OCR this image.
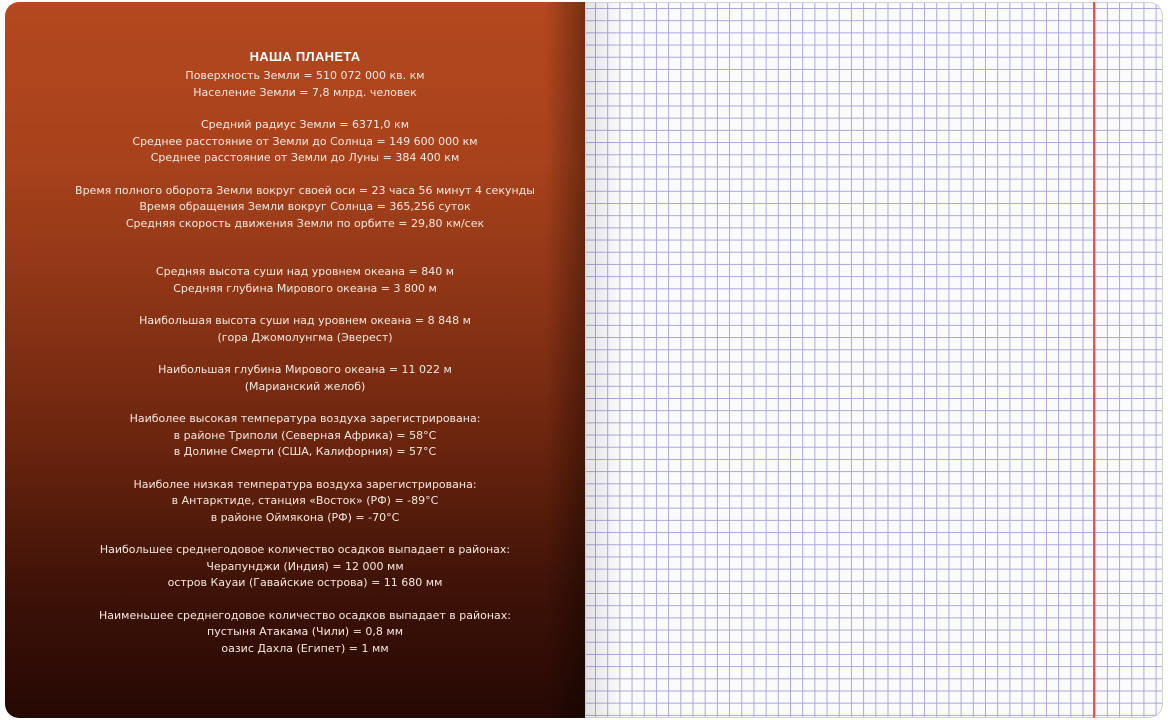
НАША ПЛАНЕТА
Поверхность Земли = 510 072 000 кв. км
Население Земли = 7,8 млрд. человек
Средний радиус Земли = 6371,0 км
Среднее расстояние от Земли до Солнца = 149 600 000 км
Среднее расстояние от Земли до Луны = 384 400 км
Время полного оборота Земли вокруг своей оси = 23 часа 56 минут 4 секунды
Время обращения Земли вокруг Солнца = 365,256 суток
Средняя скорость движения Земли по орбите = 29,80 км/сек
Средняя высота суши над уровнем океана = 840 м
Средняя глубина Мирового океана = 3 800 м
Наибольшая высота суши над уровнем океана = 8 848 м
(гора Джомолунгма (Эверест)
Наибольшая глубина Мирового океана = 11 022 м
(Марианский желоб)
Наиболее высокая температура воздуха зарегистрирована:
в районе Триполи (Северная Африка) = 58°С
в Долине Смерти (США, Калифорния) = 57°С
Наиболее низкая температура воздуха зарегистрирована:
в Антарктиде, станция «Восток» (РФ) = -89°С
в районе Оймякона (РФ) = -70°С
Наибольшее среднегодовое количество осадков выпадает в районах:
Черапунджи (Индия) = 12 000 мм
остров Кауаи (Гавайские острова) = 11 680 мм
Наименьшее среднегодовое количество осадков выпадает в районах:
пустыня Атакама (Чили) = 0,8 мм
оазис Дахла (Египет) = 1 мм
